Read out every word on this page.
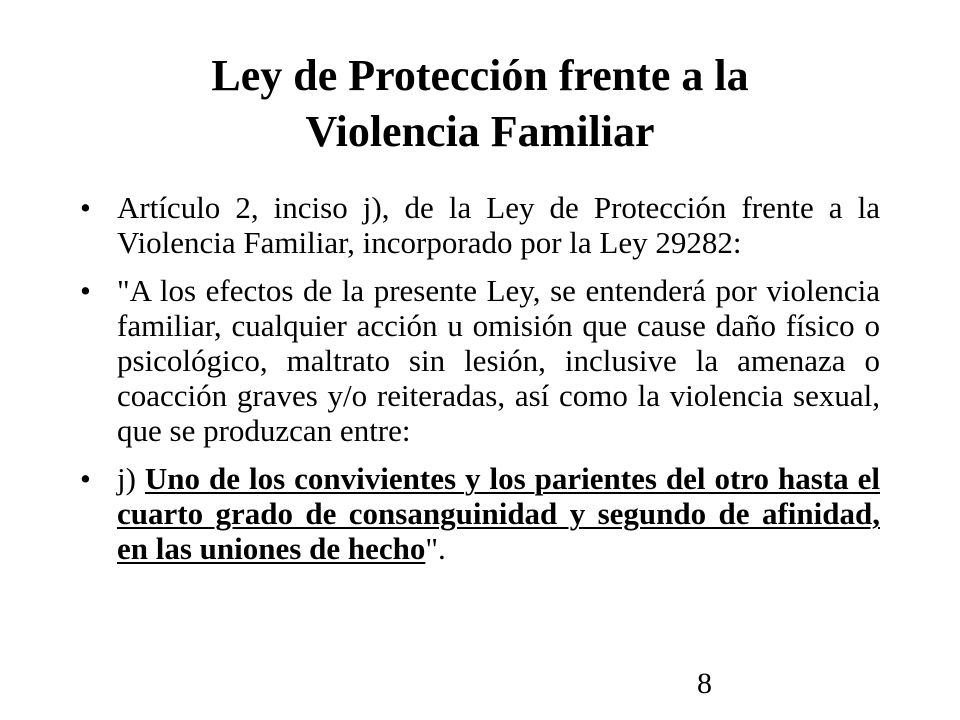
Ley de Protección frente a la
Violencia Familiar
• Artículo 2, inciso j), de la Ley de Protección frente a la Violencia Familiar, incorporado por la Ley 29282:
• "A los efectos de la presente Ley, se entenderá por violencia familiar, cualquier acción u omisión que cause daño físico o psicológico, maltrato sin lesión, inclusive la amenaza o coacción graves y/o reiteradas, así como la violencia sexual, que se produzcan entre:
• j) Uno de los convivientes y los parientes del otro hasta el cuarto grado de consanguinidad y segundo de afinidad, en las uniones de hecho".
8
